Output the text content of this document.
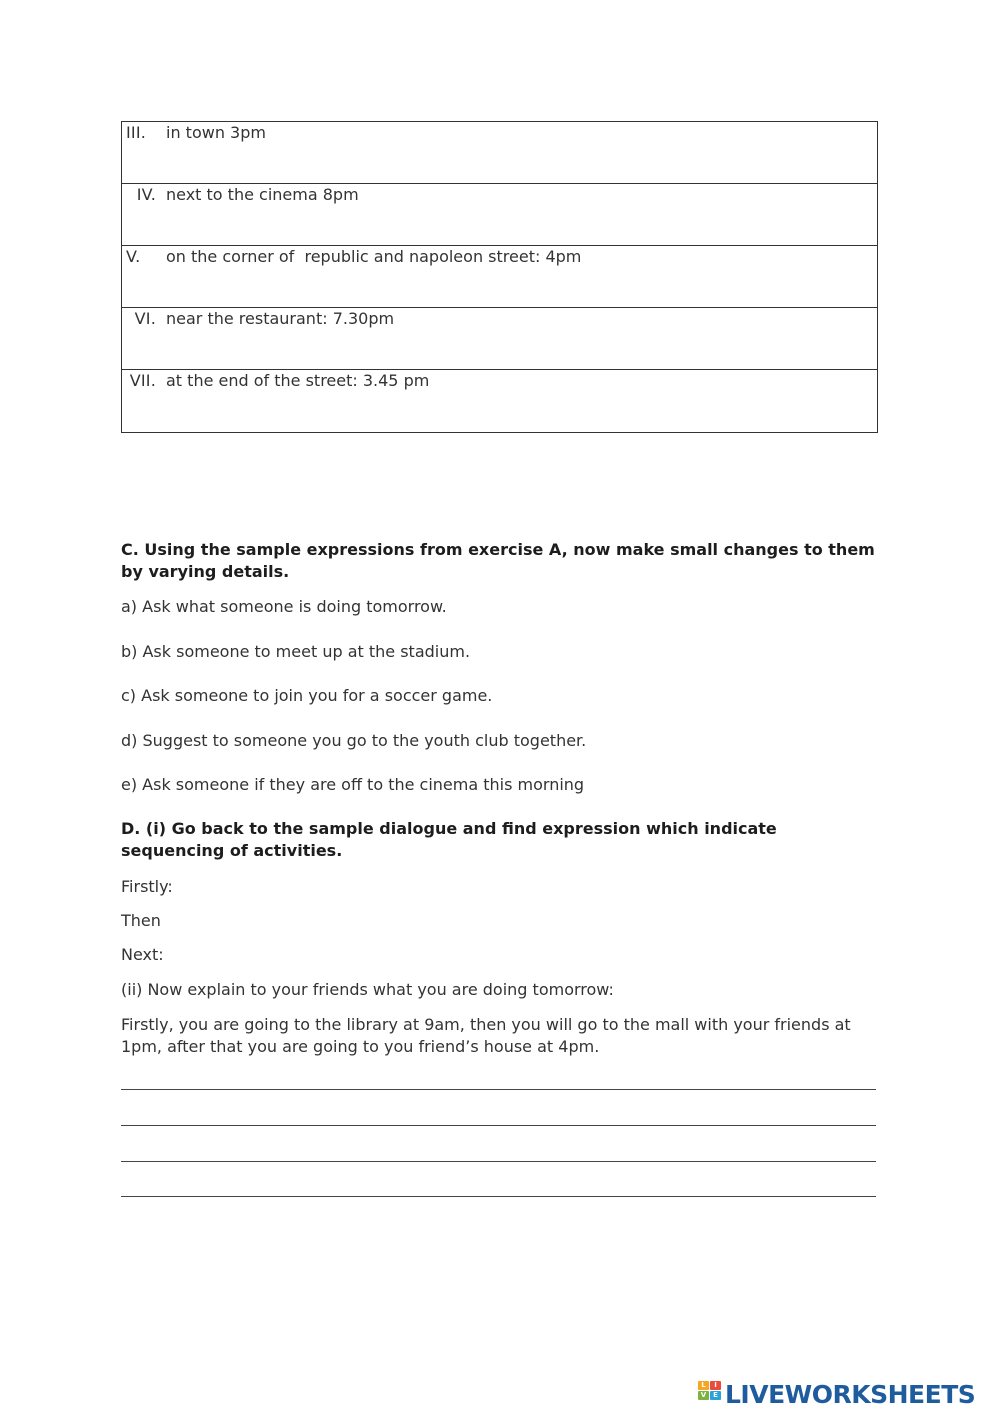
III.	in town 3pm
IV. next to the cinema 8pm
V.	on the corner of  republic and napoleon street: 4pm
VI. near the restaurant: 7.30pm
VII. at the end of the street: 3.45 pm
C. Using the sample expressions from exercise A, now make small changes to them by varying details.
a) Ask what someone is doing tomorrow.
b) Ask someone to meet up at the stadium.
c) Ask someone to join you for a soccer game.
d) Suggest to someone you go to the youth club together.
e) Ask someone if they are off to the cinema this morning
D. (i) Go back to the sample dialogue and find expression which indicate sequencing of activities.
Firstly:
Then
Next:
(ii) Now explain to your friends what you are doing tomorrow:
Firstly, you are going to the library at 9am, then you will go to the mall with your friends at 1pm, after that you are going to you friend’s house at 4pm.
L	I
V E LIVEWORKSHEETS
